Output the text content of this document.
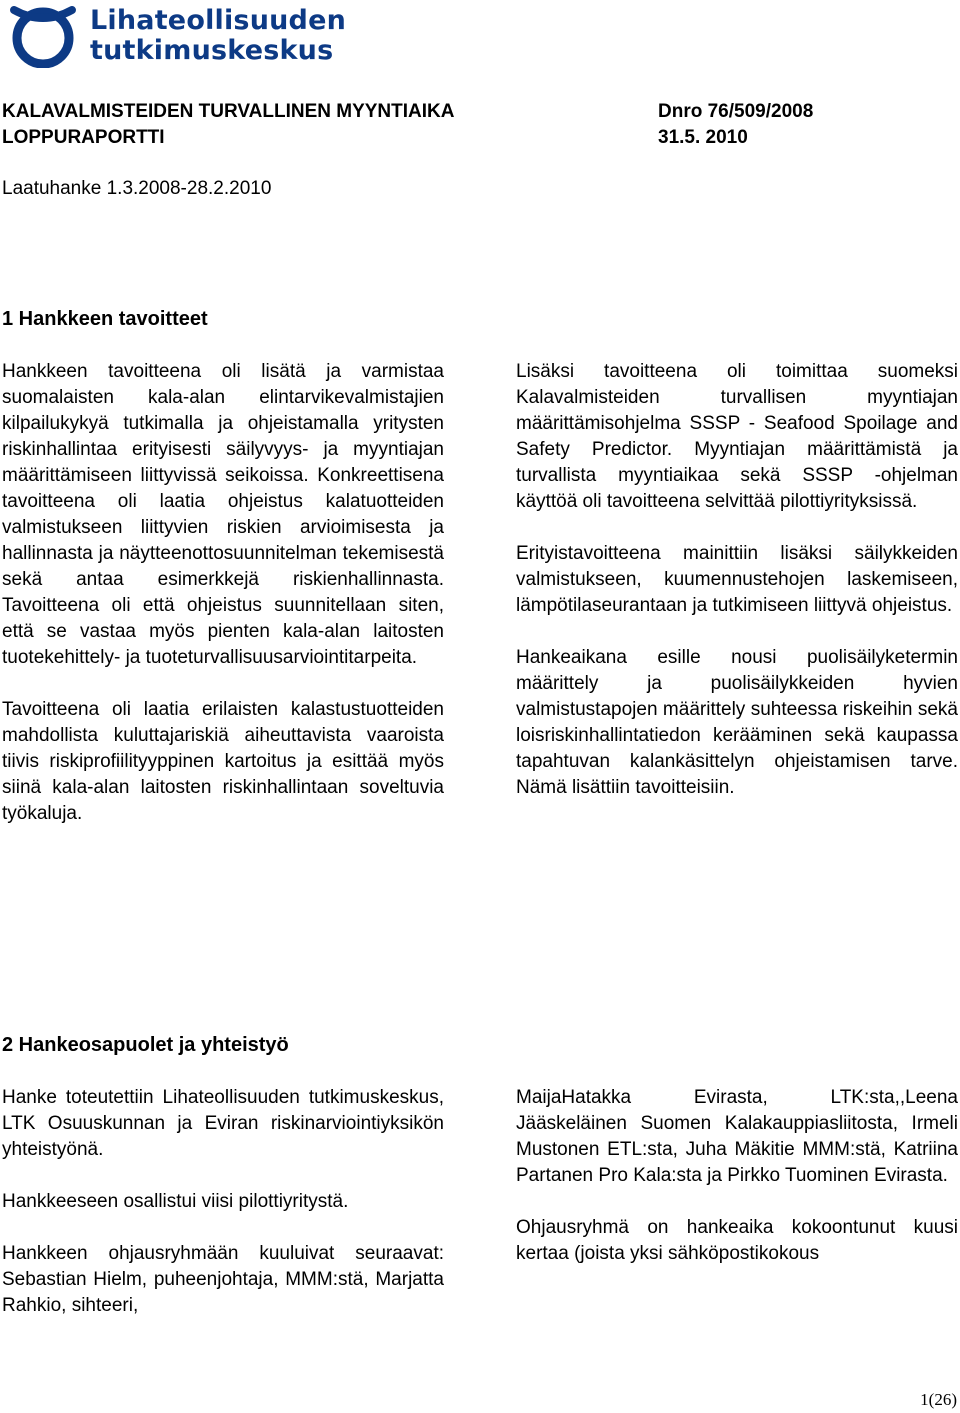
Lihateollisuuden
tutkimuskeskus
KALAVALMISTEIDEN TURVALLINEN MYYNTIAIKA
LOPPURAPORTTI
Dnro 76/509/2008
31.5. 2010
Laatuhanke 1.3.2008-28.2.2010
1 Hankkeen tavoitteet

Hankkeen tavoitteena oli lisätä ja varmistaa suomalaisten kala-alan elintarvikevalmistajien kilpailukykyä tutkimalla ja ohjeistamalla yritysten riskinhallintaa erityisesti säilyvyys- ja myyntiajan määrittämiseen liittyvissä seikoissa. Konkreettisena tavoitteena oli laatia ohjeistus kalatuotteiden valmistukseen liittyvien riskien arvioimisesta ja hallinnasta ja näytteenottosuunnitelman tekemisestä sekä antaa esimerkkejä riskienhallinnasta. Tavoitteena oli että ohjeistus suunnitellaan siten, että se vastaa myös pienten kala-alan laitosten tuotekehittely- ja tuoteturvallisuusarviointitarpeita.

Tavoitteena oli laatia erilaisten kalastustuotteiden mahdollista kuluttajariskiä aiheuttavista vaaroista tiivis riskiprofiilityyppinen kartoitus ja esittää myös siinä kala-alan laitosten riskinhallintaan soveltuvia työkaluja.

Lisäksi tavoitteena oli toimittaa suomeksi Kalavalmisteiden turvallisen myyntiajan määrittämisohjelma SSSP - Seafood Spoilage and Safety Predictor. Myyntiajan määrittämistä ja turvallista myyntiaikaa sekä SSSP -ohjelman käyttöä oli tavoitteena selvittää pilottiyrityksissä.

Erityistavoitteena mainittiin lisäksi säilykkeiden valmistukseen, kuumennustehojen laskemiseen, lämpötilaseurantaan ja tutkimiseen liittyvä ohjeistus.

Hankeaikana esille nousi puolisäilyketermin määrittely ja puolisäilykkeiden hyvien valmistustapojen määrittely suhteessa riskeihin sekä loisriskinhallintatiedon kerääminen sekä kaupassa tapahtuvan kalankäsittelyn ohjeistamisen tarve. Nämä lisättiin tavoitteisiin.

2 Hankeosapuolet ja yhteistyö

Hanke toteutettiin Lihateollisuuden tutkimuskeskus, LTK Osuuskunnan ja Eviran riskinarviointiyksikön yhteistyönä.

Hankkeeseen osallistui viisi pilottiyritystä.

Hankkeen ohjausryhmään kuuluivat seuraavat: Sebastian Hielm, puheenjohtaja, MMM:stä, Marjatta Rahkio, sihteeri,

MaijaHatakka Evirasta, LTK:sta,,Leena Jääskeläinen Suomen Kalakauppiasliitosta, Irmeli Mustonen ETL:sta, Juha Mäkitie MMM:stä, Katriina Partanen Pro Kala:sta ja Pirkko Tuominen Evirasta.

Ohjausryhmä on hankeaika kokoontunut kuusi kertaa (joista yksi sähköpostikokous

1(26)
